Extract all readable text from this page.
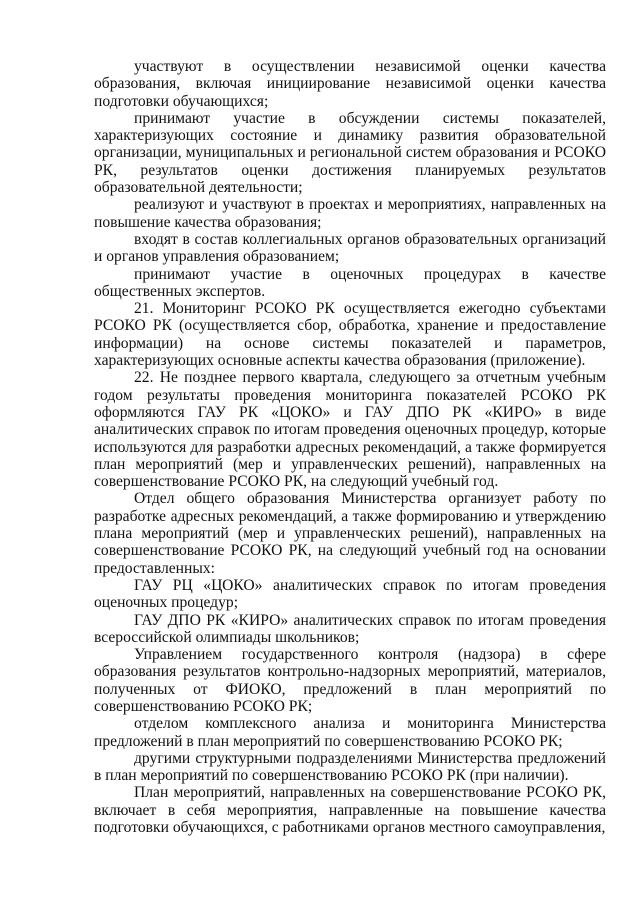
участвуют в осуществлении независимой оценки качества образования, включая инициирование независимой оценки качества подготовки обучающихся;

принимают участие в обсуждении системы показателей, характеризующих состояние и динамику развития образовательной организации, муниципальных и региональной систем образования и РСОКО РК, результатов оценки достижения планируемых результатов образовательной деятельности;

реализуют и участвуют в проектах и мероприятиях, направленных на повышение качества образования;

входят в состав коллегиальных органов образовательных организаций и органов управления образованием;

принимают участие в оценочных процедурах в качестве общественных экспертов.

21. Мониторинг РСОКО РК осуществляется ежегодно субъектами РСОКО РК (осуществляется сбор, обработка, хранение и предоставление информации) на основе системы показателей и параметров, характеризующих основные аспекты качества образования (приложение).

22. Не позднее первого квартала, следующего за отчетным учебным годом результаты проведения мониторинга показателей РСОКО РК оформляются ГАУ РК «ЦОКО» и ГАУ ДПО РК «КИРО» в виде аналитических справок по итогам проведения оценочных процедур, которые используются для разработки адресных рекомендаций, а также формируется план мероприятий (мер и управленческих решений), направленных на совершенствование РСОКО РК, на следующий учебный год.

Отдел общего образования Министерства организует работу по разработке адресных рекомендаций, а также формированию и утверждению плана мероприятий (мер и управленческих решений), направленных на совершенствование РСОКО РК, на следующий учебный год на основании предоставленных:

ГАУ РЦ «ЦОКО» аналитических справок по итогам проведения оценочных процедур;

ГАУ ДПО РК «КИРО» аналитических справок по итогам проведения всероссийской олимпиады школьников;

Управлением государственного контроля (надзора) в сфере образования результатов контрольно-надзорных мероприятий, материалов, полученных от ФИОКО, предложений в план мероприятий по совершенствованию РСОКО РК;

отделом комплексного анализа и мониторинга Министерства предложений в план мероприятий по совершенствованию РСОКО РК;

другими структурными подразделениями Министерства предложений в план мероприятий по совершенствованию РСОКО РК (при наличии).

План мероприятий, направленных на совершенствование РСОКО РК, включает в себя мероприятия, направленные на повышение качества подготовки обучающихся, с работниками органов местного самоуправления,
